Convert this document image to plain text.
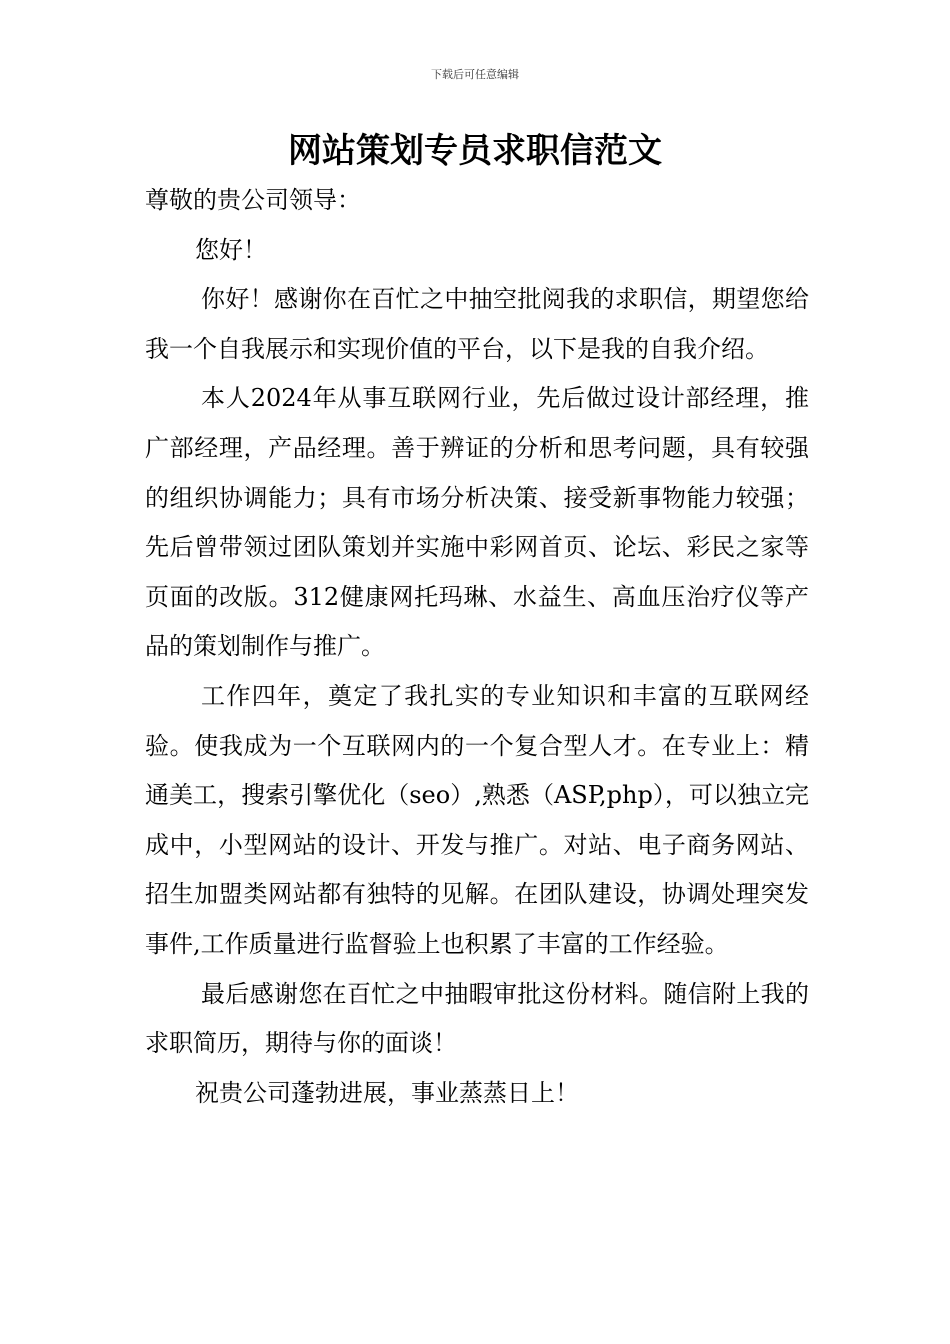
下载后可任意编辑
网站策划专员求职信范文

尊敬的贵公司领导：

您好！

你好！感谢你在百忙之中抽空批阅我的求职信，期望您给我一个自我展示和实现价值的平台，以下是我的自我介绍。

本人2024年从事互联网行业，先后做过设计部经理，推广部经理，产品经理。善于辨证的分析和思考问题，具有较强的组织协调能力；具有市场分析决策、接受新事物能力较强；先后曾带领过团队策划并实施中彩网首页、论坛、彩民之家等页面的改版。312健康网托玛琳、水益生、高血压治疗仪等产品的策划制作与推广。

工作四年，奠定了我扎实的专业知识和丰富的互联网经验。使我成为一个互联网内的一个复合型人才。在专业上：精通美工，搜索引擎优化（seo）,熟悉（ASP,php），可以独立完成中，小型网站的设计、开发与推广。对站、电子商务网站、招生加盟类网站都有独特的见解。在团队建设，协调处理突发事件,工作质量进行监督验上也积累了丰富的工作经验。

最后感谢您在百忙之中抽暇审批这份材料。随信附上我的求职简历，期待与你的面谈！

祝贵公司蓬勃进展，事业蒸蒸日上！
